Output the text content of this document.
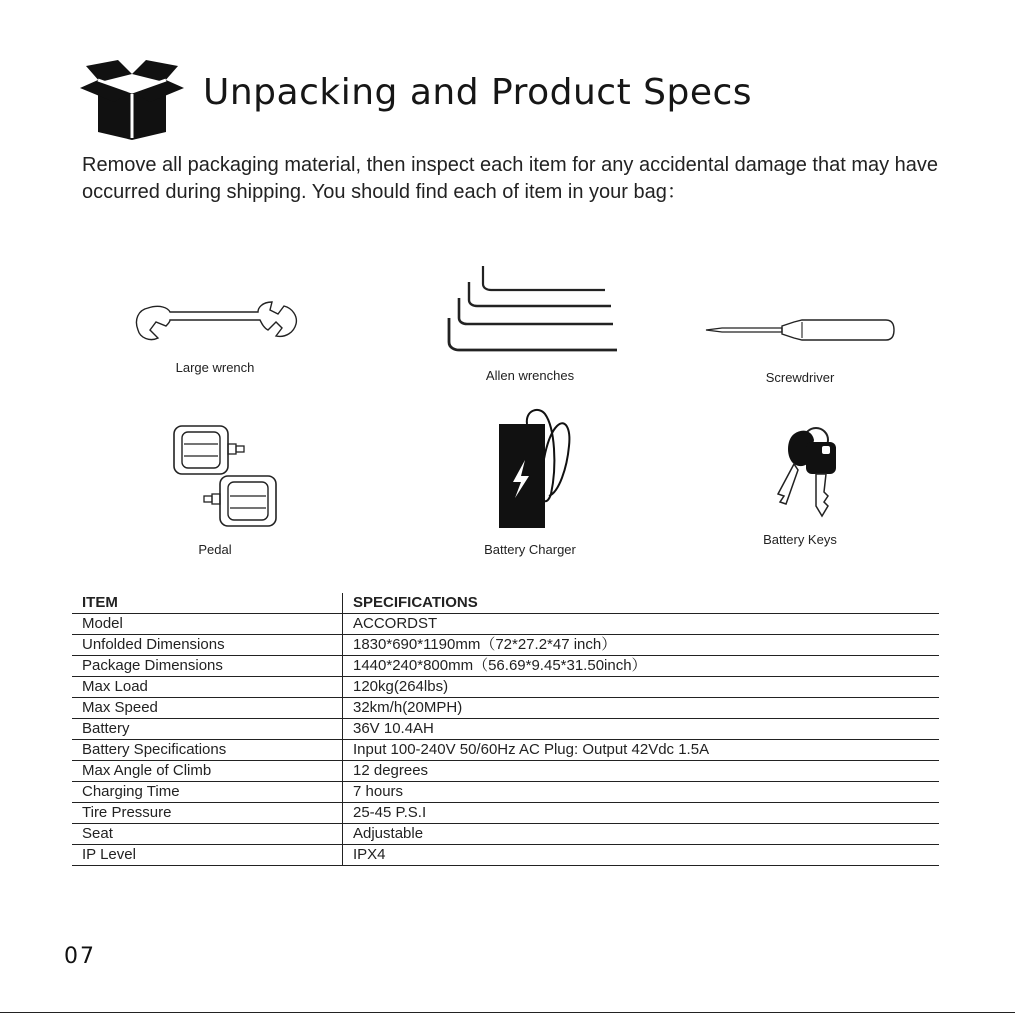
Unpacking and Product Specs

Remove all packaging material, then inspect each item for any accidental damage that may have occurred during shipping. You should find each of item in your bag：

Large wrench
Allen wrenches	Screwdriver
Pedal	Battery Charger
Battery Keys
ITEM	SPECIFICATIONS
Model	ACCORDST
Unfolded Dimensions	1830*690*1190mm（72*27.2*47 inch）
Package Dimensions	1440*240*800mm（56.69*9.45*31.50inch）
Max Load	120kg(264lbs)
Max Speed	32km/h(20MPH)
Battery	36V 10.4AH
Battery Specifications	Input 100-240V 50/60Hz AC Plug: Output 42Vdc 1.5A
Max Angle of Climb	12 degrees
Charging Time	7 hours
Tire Pressure	25-45 P.S.I
Seat	Adjustable
IP Level	IPX4
07
